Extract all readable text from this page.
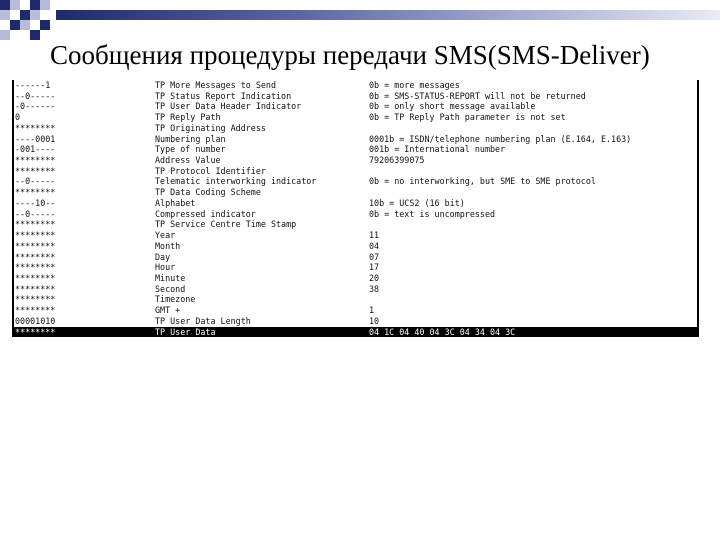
Сообщения процедуры передачи SMS(SMS-Deliver)
------1	TP More Messages to Send	0b = more messages
--0-----	TP Status Report Indication	0b = SMS-STATUS-REPORT will not be returned
-0------	TP User Data Header Indicator	0b = only short message available
0	TP Reply Path	0b = TP Reply Path parameter is not set
********	TP Originating Address
----0001	Numbering plan	0001b = ISDN/telephone numbering plan (E.164, E.163)
-001----	Type of number	001b = International number
********	Address Value	79206399075
********	TP Protocol Identifier
--0-----	Telematic interworking indicator	0b = no interworking, but SME to SME protocol
********	TP Data Coding Scheme
----10--	Alphabet	10b = UCS2 (16 bit)
--0-----	Compressed indicator	0b = text is uncompressed
********	TP Service Centre Time Stamp
********	Year	11
********	Month	04
********	Day	07
********	Hour	17
********	Minute	20
********	Second	38
********	Timezone
********	GMT +	1
00001010	TP User Data Length	10
********	TP User Data	04 1C 04 40 04 3C 04 34 04 3C
